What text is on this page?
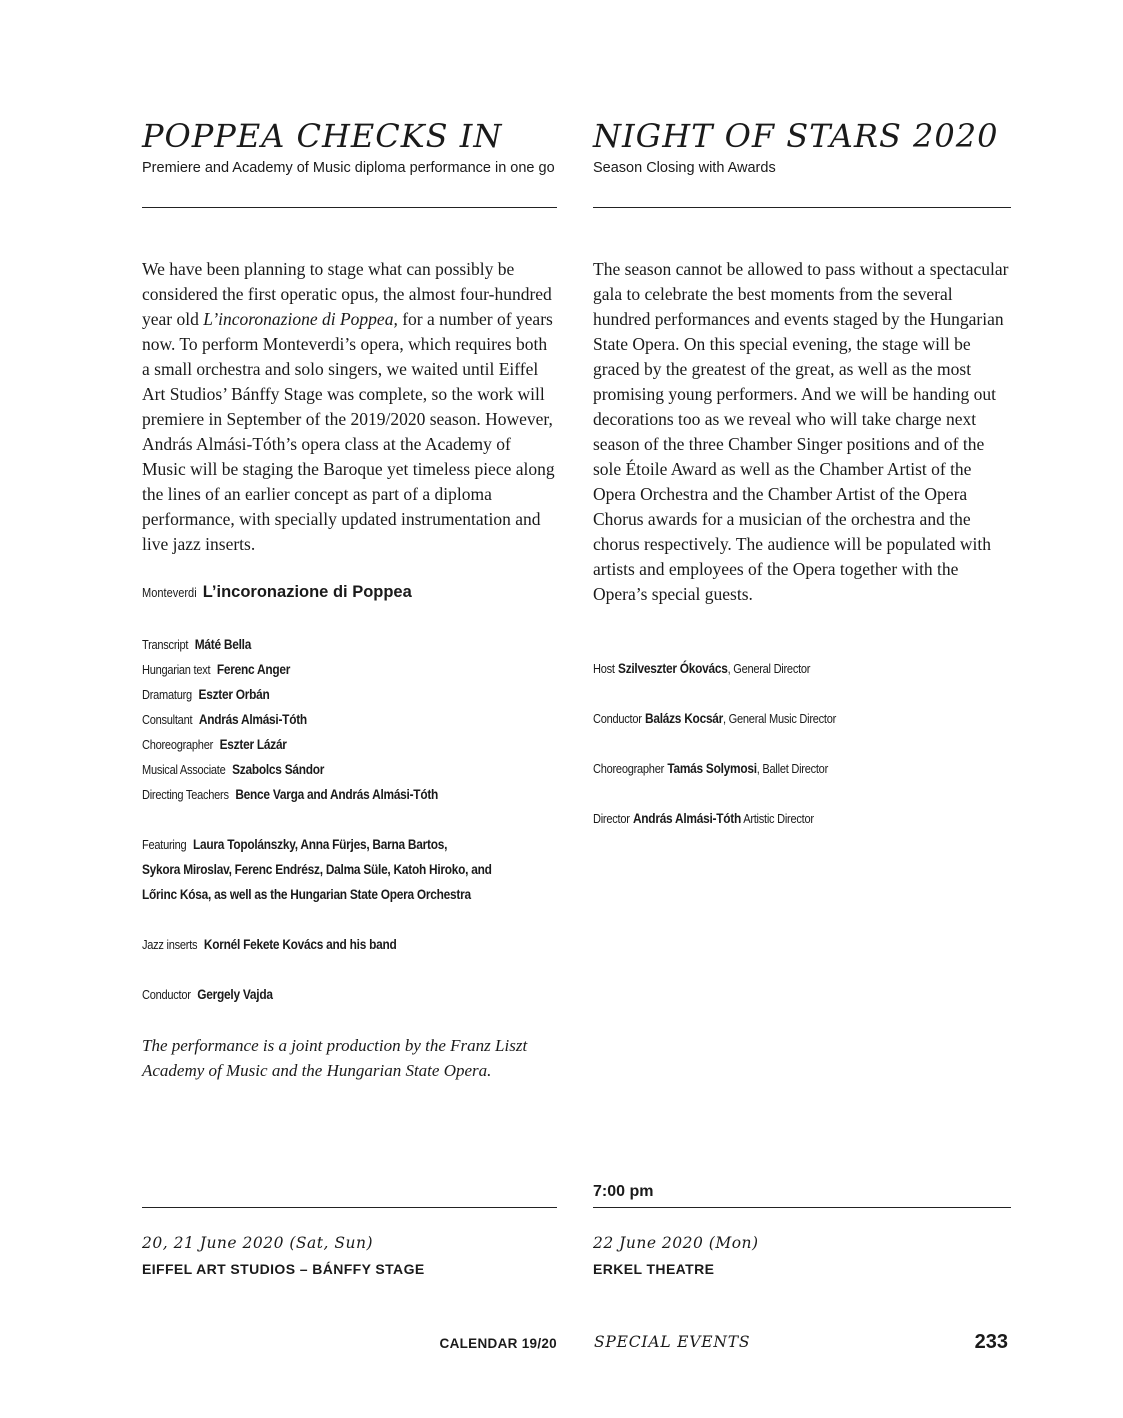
POPPEA CHECKS IN
Premiere and Academy of Music diploma performance in one go

We have been planning to stage what can possibly be considered the first operatic opus, the almost four-hundred year old L’incoronazione di Poppea, for a number of years now. To perform Monteverdi’s opera, which requires both a small orchestra and solo singers, we waited until Eiffel Art Studios’ Bánffy Stage was complete, so the work will premiere in September of the 2019/2020 season. However, András Almási-Tóth’s opera class at the Academy of Music will be staging the Baroque yet timeless piece along the lines of an earlier concept as part of a diploma performance, with specially updated instrumentation and live jazz inserts.

Monteverdi L’incoronazione di Poppea
Transcript Máté Bella
Hungarian text Ferenc Anger
Dramaturg Eszter Orbán
Consultant András Almási-Tóth
Choreographer Eszter Lázár
Musical Associate Szabolcs Sándor
Directing Teachers Bence Varga and András Almási-Tóth
Featuring Laura Topolánszky, Anna Fürjes, Barna Bartos,
Sykora Miroslav, Ferenc Endrész, Dalma Süle, Katoh Hiroko, and
Lőrinc Kósa, as well as the Hungarian State Opera Orchestra
Jazz inserts Kornél Fekete Kovács and his band
Conductor Gergely Vajda

The performance is a joint production by the Franz Liszt Academy of Music and the Hungarian State Opera.

20, 21 June 2020 (Sat, Sun)
EIFFEL ART STUDIOS – BÁNFFY STAGE
NIGHT OF STARS 2020
Season Closing with Awards

The season cannot be allowed to pass without a spectacular gala to celebrate the best moments from the several hundred performances and events staged by the Hungarian State Opera. On this special evening, the stage will be graced by the greatest of the great, as well as the most promising young performers. And we will be handing out decorations too as we reveal who will take charge next season of the three Chamber Singer positions and of the sole Étoile Award as well as the Chamber Artist of the Opera Orchestra and the Chamber Artist of the Opera Chorus awards for a musician of the orchestra and the chorus respectively. The audience will be populated with artists and employees of the Opera together with the Opera’s special guests.

Host Szilveszter Ókovács, General Director
Conductor Balázs Kocsár, General Music Director
Choreographer Tamás Solymosi, Ballet Director
Director András Almási-Tóth Artistic Director
7:00 pm
22 June 2020 (Mon)
ERKEL THEATRE
CALENDAR 19/20 SPECIAL EVENTS	233
